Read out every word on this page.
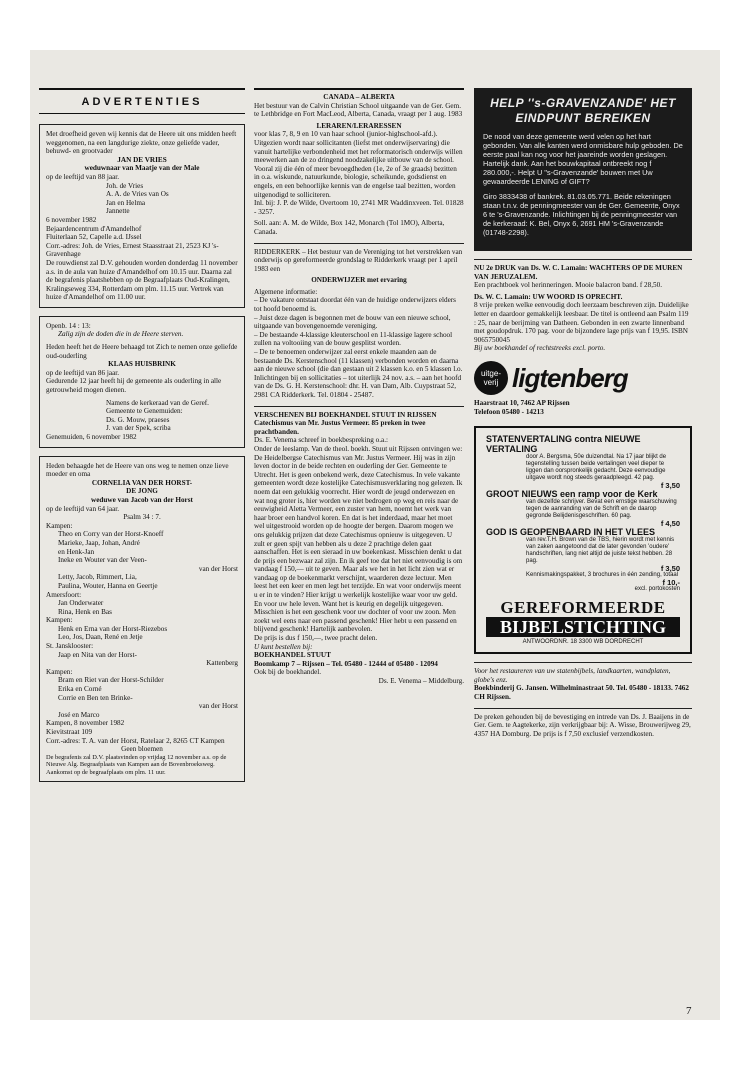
ADVERTENTIES

Met droefheid geven wij kennis dat de Heere uit ons midden heeft weggenomen, na een langdurige ziekte, onze geliefde vader, behuwd- en grootvader

JAN DE VRIES

weduwnaar van Maatje van der Male

op de leeftijd van 88 jaar.

Joh. de Vries

A. A. de Vries van Os

Jan en Helma

Jannette

6 november 1982

Bejaardencentrum d'Amandelhof

Fluiterlaan 52, Capelle a.d. IJssel

Corr.-adres: Joh. de Vries, Ernest Staasstraat 21, 2523 KJ 's-Gravenhage

De rouwdienst zal D.V. gehouden worden donderdag 11 november a.s. in de aula van huize d'Amandelhof om 10.15 uur. Daarna zal de begrafenis plaatshebben op de Begraafplaats Oud-Kralingen, Kralingseweg 334, Rotterdam om plm. 11.15 uur. Vertrek van huize d'Amandelhof om 11.00 uur.

Openb. 14 : 13:

Zalig zijn de doden die in de Heere sterven.

Heden heeft het de Heere behaagd tot Zich te nemen onze geliefde oud-ouderling

KLAAS HUISBRINK

op de leeftijd van 86 jaar.

Gedurende 12 jaar heeft hij de gemeente als ouderling in alle getrouwheid mogen dienen.

Namens de kerkeraad van de Geref. Gemeente te Genemuiden:

Ds. G. Mouw, praeses

J. van der Spek, scriba

Genemuiden, 6 november 1982

Heden behaagde het de Heere van ons weg te nemen onze lieve moeder en oma

CORNELIA VAN DER HORST-

DE JONG

weduwe van Jacob van der Horst

op de leeftijd van 64 jaar.

Psalm 34 : 7.

Kampen:

Theo en Corry van der Horst-Knoeff

Marieke, Jaap, Johan, André

en Henk-Jan

Ineke en Wouter van der Veen-

van der Horst

Letty, Jacob, Rimmert, Lia,

Paulina, Wouter, Hanna en Geertje

Amersfoort:

Jan Onderwater

Rina, Henk en Bas

Kampen:

Henk en Erna van der Horst-Riezebos

Leo, Jos, Daan, René en Jetje

St. Jansklooster:

Jaap en Nita van der Horst-

Kattenberg

Kampen:

Bram en Riet van der Horst-Schilder

Erika en Corné

Corrie en Ben ten Brinke-

van der Horst

José en Marco

Kampen, 8 november 1982

Kievitstraat 109

Corr.-adres: T. A. van der Horst, Ratelaar 2, 8265 CT Kampen

Geen bloemen

De begrafenis zal D.V. plaatsvinden op vrijdag 12 november a.s. op de Nieuwe Alg. Begraafplaats van Kampen aan de Bovenbroeksweg. Aankomst op de begraafplaats om plm. 11 uur.

CANADA – ALBERTA

Het bestuur van de Calvin Christian School uitgaande van de Ger. Gem. te Lethbridge en Fort MacLeod, Alberta, Canada, vraagt per 1 aug. 1983

LERAREN/LERARESSEN

voor klas 7, 8, 9 en 10 van haar school (junior-highschool-afd.).

Uitgezien wordt naar sollicitanten (liefst met onderwijservaring) die vanuit hartelijke verbondenheid met het reformatorisch onderwijs willen meewerken aan de zo dringend noodzakelijke uitbouw van de school.

Vooral zij die één of meer bevoegdheden (1e, 2e of 3e graads) bezitten in o.a. wiskunde, natuurkunde, biologie, scheikunde, godsdienst en engels, en een behoorlijke kennis van de engelse taal bezitten, worden uitgenodigd te solliciteren.

Inl. bij: J. P. de Wilde, Overtoom 10, 2741 MR Waddinxveen. Tel. 01828 - 3257.

Soll. aan: A. M. de Wilde, Box 142, Monarch (Tol 1MO), Alberta, Canada.

RIDDERKERK – Het bestuur van de Vereniging tot het verstrekken van onderwijs op gereformeerde grondslag te Ridderkerk vraagt per 1 april 1983 een

ONDERWIJZER met ervaring

Algemene informatie:

– De vakature ontstaat doordat één van de huidige onderwijzers elders tot hoofd benoemd is.

– Juist deze dagen is begonnen met de bouw van een nieuwe school, uitgaande van bovengenoemde vereniging.

– De bestaande 4-klassige kleuterschool en 11-klassige lagere school zullen na voltooiing van de bouw gesplitst worden.

– De te benoemen onderwijzer zal eerst enkele maanden aan de bestaande Ds. Kerstenschool (11 klassen) verbonden worden en daarna aan de nieuwe school (die dan gestaan uit 2 klassen k.o. en 5 klassen l.o.

Inlichtingen bij en sollicitaties – tot uiterlijk 24 nov. a.s. – aan het hoofd van de Ds. G. H. Kerstenschool: dhr. H. van Dam, Alb. Cuypstraat 52, 2981 CA Ridderkerk. Tel. 01804 - 25487.

VERSCHENEN BIJ BOEKHANDEL STUUT IN RIJSSEN

Catechismus van Mr. Justus Vermeer. 85 preken in twee prachtbanden.

Ds. E. Venema schreef in boekbespreking o.a.:

Onder de leeslamp. Van de theol. boekh. Stuut uit Rijssen ontvingen we: De Heidelbergse Catechismus van Mr. Justus Vermeer. Hij was in zijn leven doctor in de beide rechten en ouderling der Ger. Gemeente te Utrecht. Het is geen onbekend werk, deze Catechismus. In vele vakante gemeenten wordt deze kostelijke Catechismusverklaring nog gelezen. Ik noem dat een gelukkig voorrecht. Hier wordt de jeugd onderwezen en wat nog groter is, hier worden we niet bedrogen op weg en reis naar de eeuwigheid Aletta Vermeer, een zuster van hem, noemt het werk van haar broer een handvol koren. En dat is het inderdaad, maar het moet wel uitgestrooid worden op de hoogte der bergen. Daarom mogen we ons gelukkig prijzen dat deze Catechismus opnieuw is uitgegeven. U zult er geen spijt van hebben als u deze 2 prachtige delen gaat aanschaffen. Het is een sieraad in uw boekenkast. Misschien denkt u dat de prijs een bezwaar zal zijn. En ik geef toe dat het niet eenvoudig is om vandaag f 150,— uit te geven. Maar als we het in het licht zien wat er vandaag op de boekenmarkt verschijnt, waarderen deze lectuur. Men leest het een keer en men legt het terzijde. En wat voor onderwijs meent u er in te vinden? Hier krijgt u werkelijk kostelijke waar voor uw geld. En voor uw hele leven. Want het is keurig en degelijk uitgegeven.

Misschien is het een geschenk voor uw dochter of voor uw zoon. Men zoekt wel eens naar een passend geschenk! Hier hebt u een passend en blijvend geschenk! Hartelijk aanbevolen.

De prijs is dus f 150,—, twee pracht delen.

U kunt bestellen bij:

BOEKHANDEL STUUT

Boomkamp 7 – Rijssen – Tel. 05480 - 12444 of 05480 - 12094

Ook bij de boekhandel.

Ds. E. Venema – Middelburg.

HELP ''s-GRAVENZANDE' HET EINDPUNT BEREIKEN

De nood van deze gemeente werd velen op het hart gebonden. Van alle kanten werd onmisbare hulp geboden. De eerste paal kan nog voor het jaareinde worden geslagen. Hartelijk dank. Aan het bouwkapitaal ontbreekt nog f 280.000,-. Helpt U ''s-Gravenzande' bouwen met Uw gewaardeerde LENING of GIFT?

Giro 3833438 of bankrek. 81.03.05.771. Beide rekeningen staan t.n.v. de penningmeester van de Ger. Gemeente, Onyx 6 te 's-Gravenzande. Inlichtingen bij de penningmeester van de kerkeraad: K. Bel, Onyx 6, 2691 HM 's-Gravenzande (01748-2298).

NU 2e DRUK van Ds. W. C. Lamain: WACHTERS OP DE MUREN VAN JERUZALEM.

Een prachtboek vol herinneringen. Mooie balacron band. f 28,50.

Ds. W. C. Lamain: UW WOORD IS OPRECHT.

8 vrije preken welke eenvoudig doch leerzaam beschreven zijn. Duidelijke letter en daardoor gemakkelijk leesbaar. De titel is ontleend aan Psalm 119 : 25, naar de berijming van Datheen. Gebonden in een zwarte linnenband met goudopdruk. 170 pag. voor de bijzondere lage prijs van f 19,95. ISBN 9065750045

Bij uw boekhandel of rechtstreeks excl. porto.

uitge-verij ligtenberg

Haarstraat 10, 7462 AP Rijssen

Telefoon 05480 - 14213

STATENVERTALING contra NIEUWE VERTALING

door A. Bergsma, 50e duizendtal. Na 17 jaar blijkt de tegenstelling tussen beide vertalingen veel dieper te liggen dan oorspronkelijk gedacht. Deze eenvoudige uitgave wordt nog steeds geraadpleegd. 42 pag.

f 3,50

GROOT NIEUWS een ramp voor de Kerk

van dezelfde schrijver. Bevat een ernstige waarschuwing tegen de aanranding van de Schrift en de daarop gegronde Belijdenisgeschriften. 60 pag.

f 4,50

GOD IS GEOPENBAARD IN HET VLEES

van rev.T.H. Brown van de TBS, hierin wordt met kennis van zaken aangetoond dat de later gevonden 'oudere' handschriften, lang niet altijd de juiste tekst hebben. 28 pag.

f 3,50

Kennismakingspakket, 3 brochures in één zending, totaal

f 10,-

excl. portokosten

GEREFORMEERDE
BIJBELSTICHTING
ANTWOORDNR. 18 3300 WB DORDRECHT

Voor het restaureren van uw statenbijbels, landkaarten, wandplaten, globe's enz.

Boekbinderij G. Jansen. Wilhelminastraat 50. Tel. 05480 - 18133. 7462 CH Rijssen.

De preken gehouden bij de bevestiging en intrede van Ds. J. Baaijens in de Ger. Gem. te Aagtekerke, zijn verkrijgbaar bij: A. Wisse, Brouwerijweg 29, 4357 HA Domburg. De prijs is f 7,50 exclusief verzendkosten.

7
